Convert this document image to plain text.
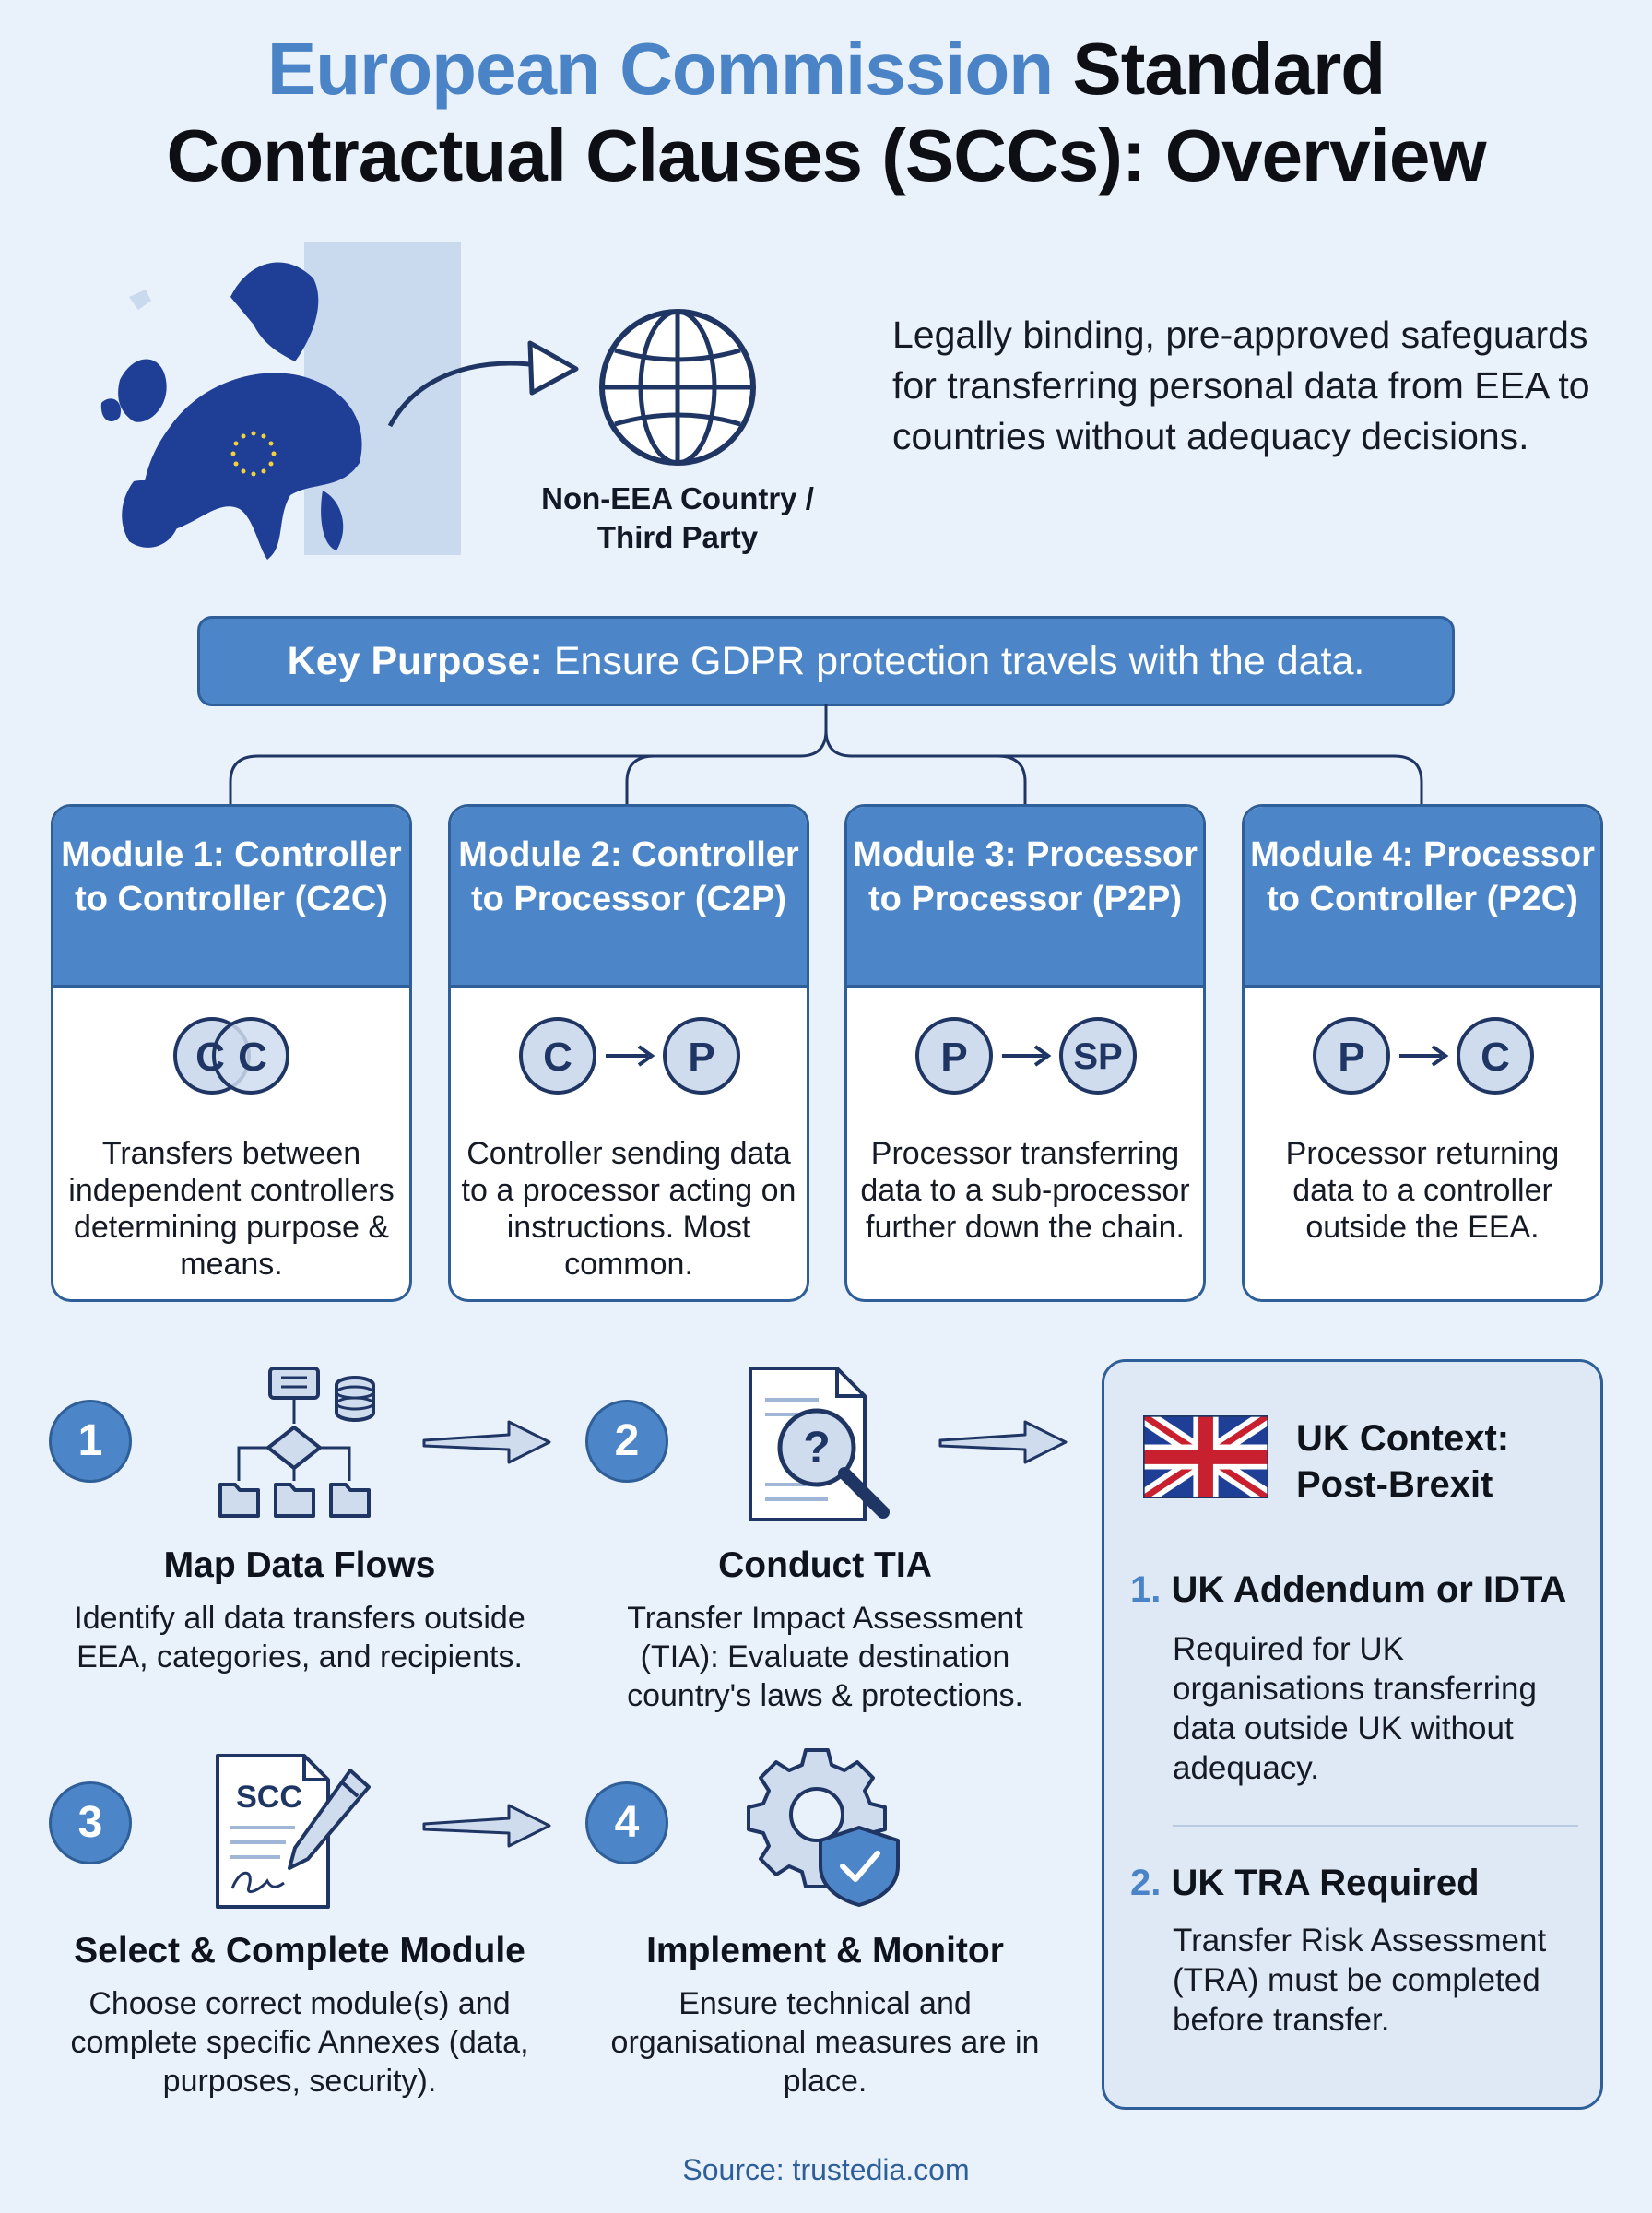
European Commission Standard
Contractual Clauses (SCCs): Overview
Non-EEA Country / Third Party
Legally binding, pre-approved safeguards for transferring personal data from EEA to countries without adequacy decisions.
Key Purpose: Ensure GDPR protection travels with the data.
Module 1: Controller to Controller (C2C)
C C
Transfers between independent controllers determining purpose & means.
Module 2: Controller to Processor (C2P)
C	P
Controller sending data to a processor acting on instructions. Most common.
Module 3: Processor to Processor (P2P)
P	SP
Processor transferring data to a sub-processor further down the chain.
Module 4: Processor to Controller (P2C)
P	C
Processor returning data to a controller outside the EEA.
1
Map Data Flows
Identify all data transfers outside EEA, categories, and recipients.
2	?
Conduct TIA
Transfer Impact Assessment (TIA): Evaluate destination country's laws & protections.
3
SCC
Select & Complete Module
Choose correct module(s) and complete specific Annexes (data, purposes, security).
4
Implement & Monitor
Ensure technical and organisational measures are in place.
UK Context: Post-Brexit
1. UK Addendum or IDTA
Required for UK organisations transferring data outside UK without adequacy.
2. UK TRA Required
Transfer Risk Assessment (TRA) must be completed before transfer.
Source: trustedia.com
